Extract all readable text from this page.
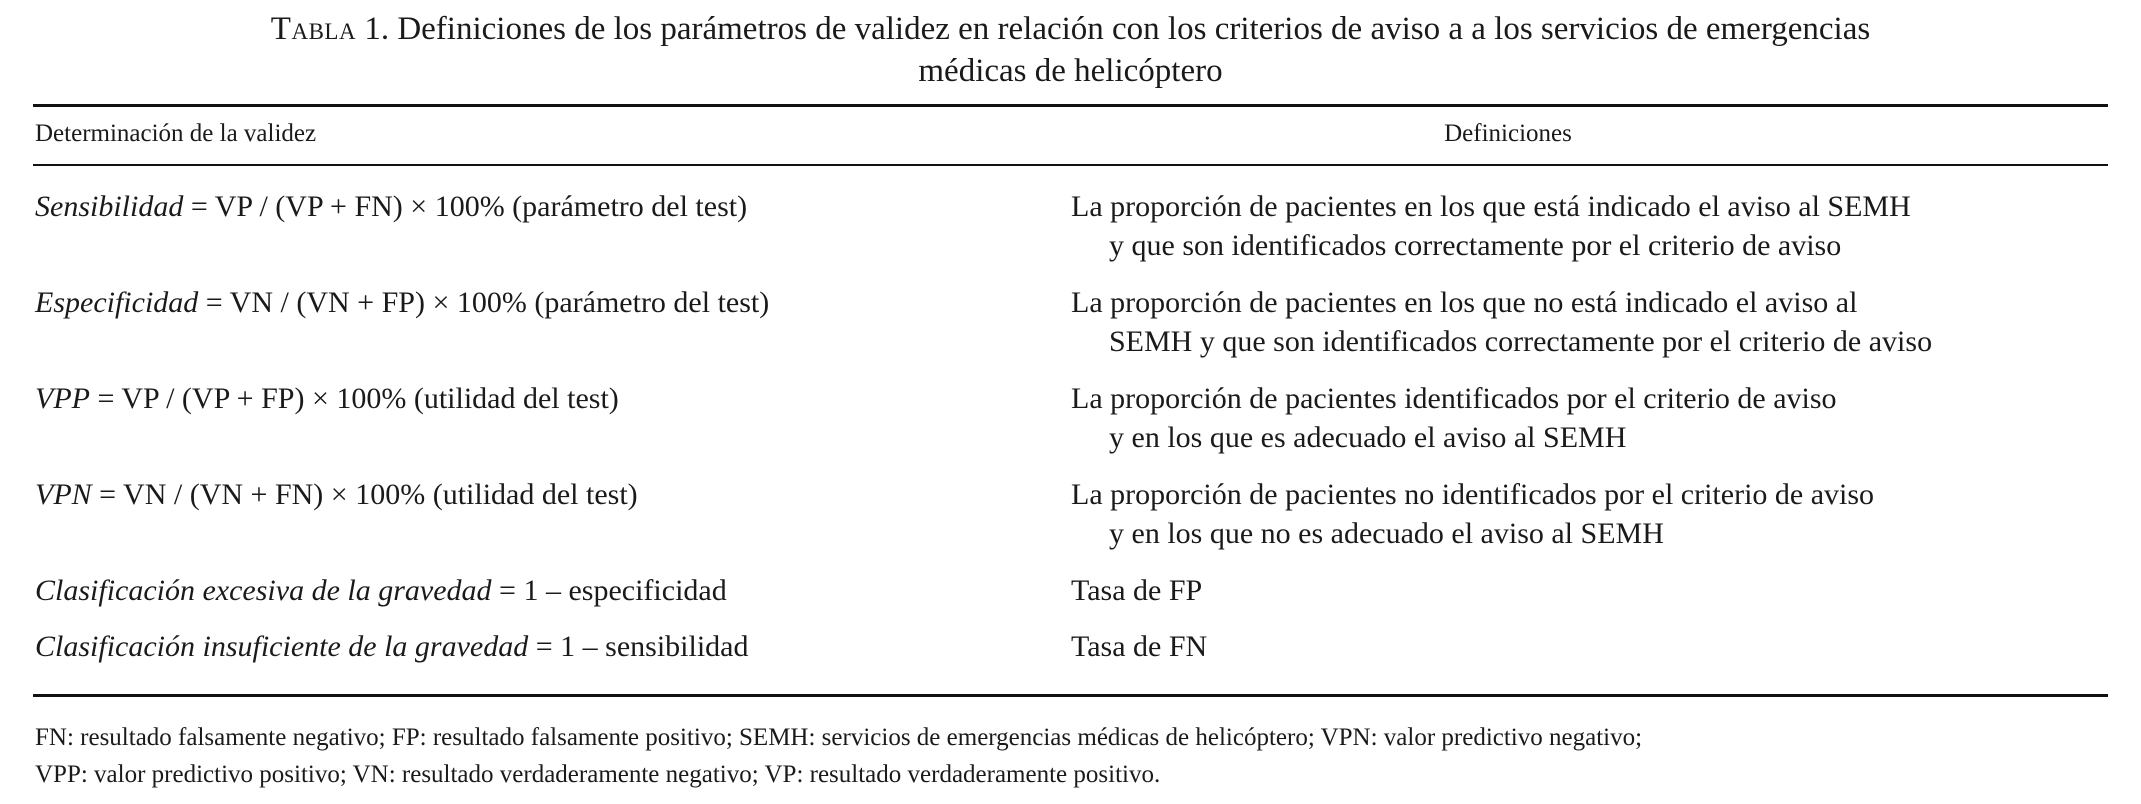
Tabla 1. Definiciones de los parámetros de validez en relación con los criterios de aviso a a los servicios de emergencias
médicas de helicóptero

Determinación de la validez	Definiciones
Sensibilidad = VP / (VP + FN) × 100% (parámetro del test)	La proporción de pacientes en los que está indicado el aviso al SEMH
y que son identificados correctamente por el criterio de aviso
Especificidad = VN / (VN + FP) × 100% (parámetro del test)	La proporción de pacientes en los que no está indicado el aviso al
SEMH y que son identificados correctamente por el criterio de aviso
VPP = VP / (VP + FP) × 100% (utilidad del test)	La proporción de pacientes identificados por el criterio de aviso
y en los que es adecuado el aviso al SEMH
VPN = VN / (VN + FN) × 100% (utilidad del test)	La proporción de pacientes no identificados por el criterio de aviso
y en los que no es adecuado el aviso al SEMH
Clasificación excesiva de la gravedad = 1 – especificidad	Tasa de FP
Clasificación insuficiente de la gravedad = 1 – sensibilidad	Tasa de FN
FN: resultado falsamente negativo; FP: resultado falsamente positivo; SEMH: servicios de emergencias médicas de helicóptero; VPN: valor predictivo negativo;
VPP: valor predictivo positivo; VN: resultado verdaderamente negativo; VP: resultado verdaderamente positivo.
